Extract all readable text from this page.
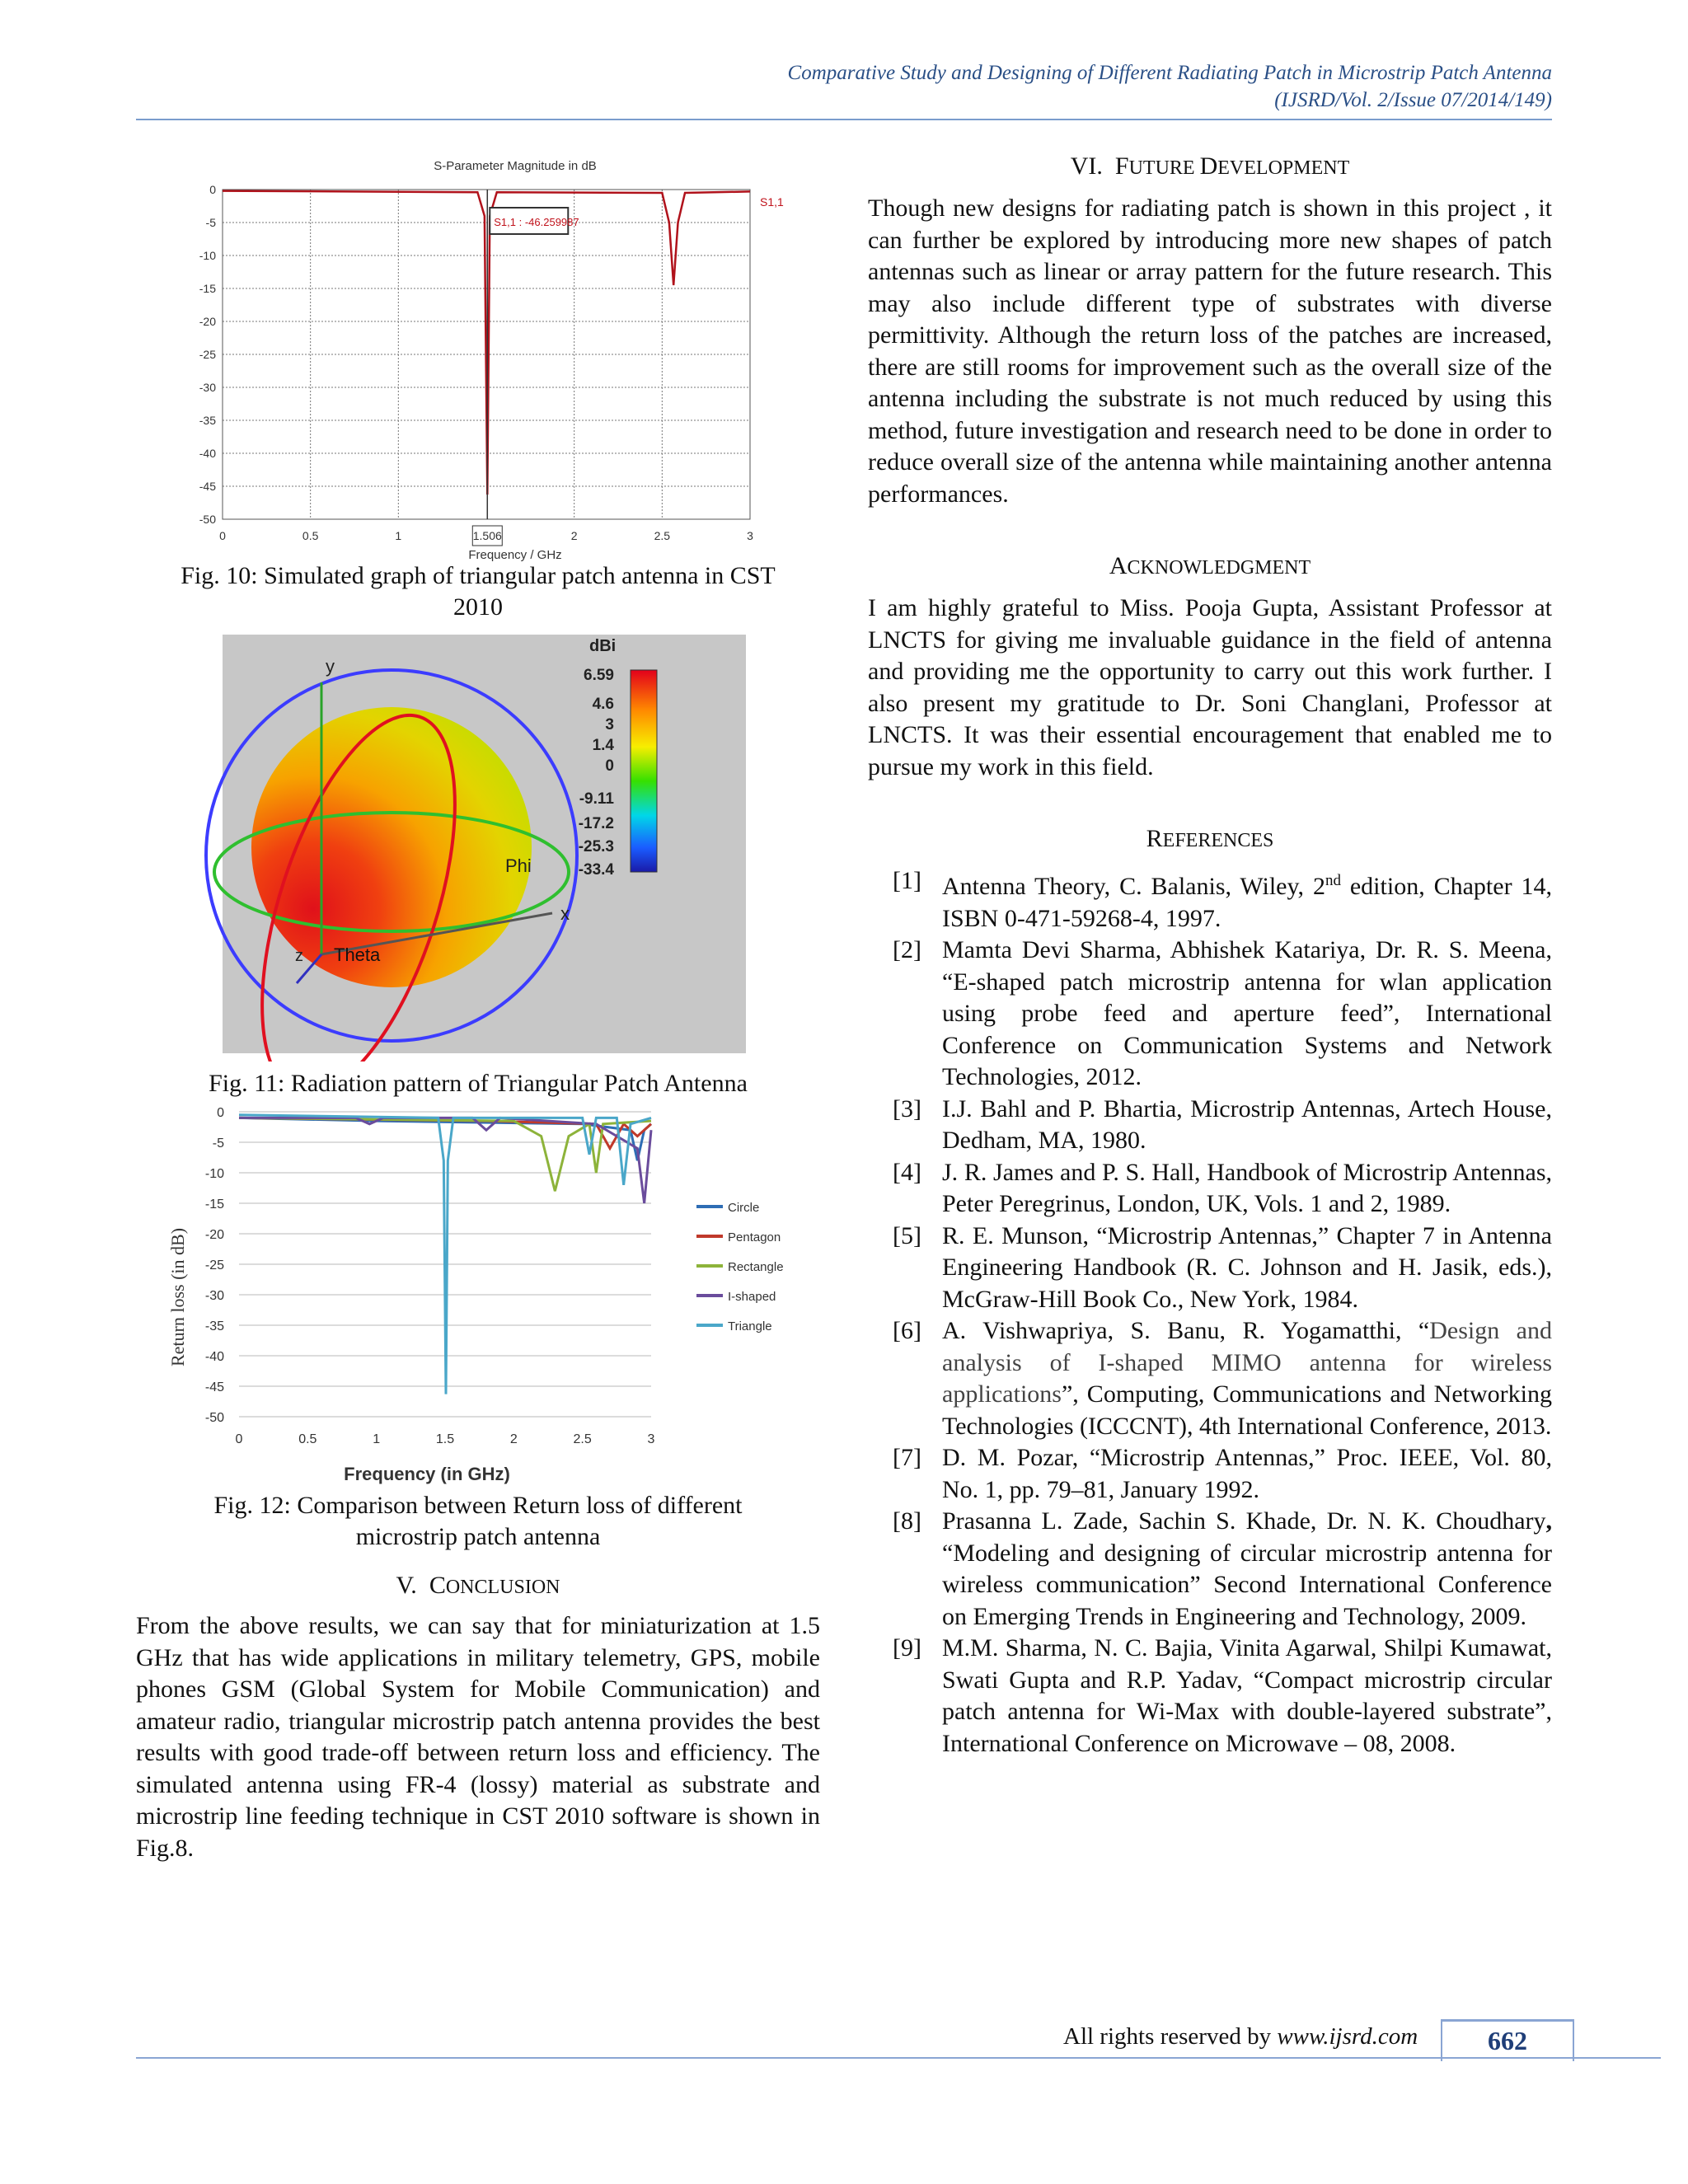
Comparative Study and Designing of Different Radiating Patch in Microstrip Patch Antenna
(IJSRD/Vol. 2/Issue 07/2014/149)
S-Parameter Magnitude in dB
0
-5
-10
-15
-20
-25
-30
-35
-40
-45
-50
0	0.5	1	1.506	2	2.5	3
S1,1 : -46.259987
S1,1
Frequency / GHz

Fig. 10: Simulated graph of triangular patch antenna in CST
2010

y
x
Phi
Theta
z
dBi
6.59
4.6
3
1.4
0
-9.11
-17.2
-25.3
-33.4

Fig. 11: Radiation pattern of Triangular Patch Antenna

0
-5
-10
-15
-20
-25
-30
-35
-40
-45
-50
0	0.5	1	1.5	2	2.5	3
Circle
Pentagon
Rectangle
I-shaped
Triangle
Return loss (in dB)
Frequency (in GHz)

Fig. 12: Comparison between Return loss of different
microstrip patch antenna

V. CONCLUSION

From the above results, we can say that for miniaturization at 1.5 GHz that has wide applications in military telemetry, GPS, mobile phones GSM (Global System for Mobile Communication) and amateur radio, triangular microstrip patch antenna provides the best results with good trade-off between return loss and efficiency. The simulated antenna using FR-4 (lossy) material as substrate and microstrip line feeding technique in CST 2010 software is shown in Fig.8.

VI. FUTURE DEVELOPMENT

Though new designs for radiating patch is shown in this project , it can further be explored by introducing more new shapes of patch antennas such as linear or array pattern for the future research. This may also include different type of substrates with diverse permittivity. Although the return loss of the patches are increased, there are still rooms for improvement such as the overall size of the antenna including the substrate is not much reduced by using this method, future investigation and research need to be done in order to reduce overall size of the antenna while maintaining another antenna performances.

ACKNOWLEDGMENT

I am highly grateful to Miss. Pooja Gupta, Assistant Professor at LNCTS for giving me invaluable guidance in the field of antenna and providing me the opportunity to carry out this work further. I also present my gratitude to Dr. Soni Changlani, Professor at LNCTS. It was their essential encouragement that enabled me to pursue my work in this field.

REFERENCES

[1] Antenna Theory, C. Balanis, Wiley, 2nd edition, Chapter 14, ISBN 0-471-59268-4, 1997.
[2] Mamta Devi Sharma, Abhishek Katariya, Dr. R. S. Meena, “E-shaped patch microstrip antenna for wlan application using probe feed and aperture feed”, International Conference on Communication Systems and Network Technologies, 2012.
[3] I.J. Bahl and P. Bhartia, Microstrip Antennas, Artech House, Dedham, MA, 1980.
[4] J. R. James and P. S. Hall, Handbook of Microstrip Antennas, Peter Peregrinus, London, UK, Vols. 1 and 2, 1989.
[5] R. E. Munson, “Microstrip Antennas,” Chapter 7 in Antenna Engineering Handbook (R. C. Johnson and H. Jasik, eds.), McGraw-Hill Book Co., New York, 1984.
[6] A. Vishwapriya, S. Banu, R. Yogamatthi, “Design and analysis of I-shaped MIMO antenna for wireless applications”, Computing, Communications and Networking Technologies (ICCCNT), 4th International Conference, 2013.
[7] D. M. Pozar, “Microstrip Antennas,” Proc. IEEE, Vol. 80, No. 1, pp. 79–81, January 1992.
[8] Prasanna L. Zade, Sachin S. Khade, Dr. N. K. Choudhary, “Modeling and designing of circular microstrip antenna for wireless communication” Second International Conference on Emerging Trends in Engineering and Technology, 2009.
[9] M.M. Sharma, N. C. Bajia, Vinita Agarwal, Shilpi Kumawat, Swati Gupta and R.P. Yadav, “Compact microstrip circular patch antenna for Wi-Max with double-layered substrate”, International Conference on Microwave – 08, 2008.
All rights reserved by www.ijsrd.com	662
